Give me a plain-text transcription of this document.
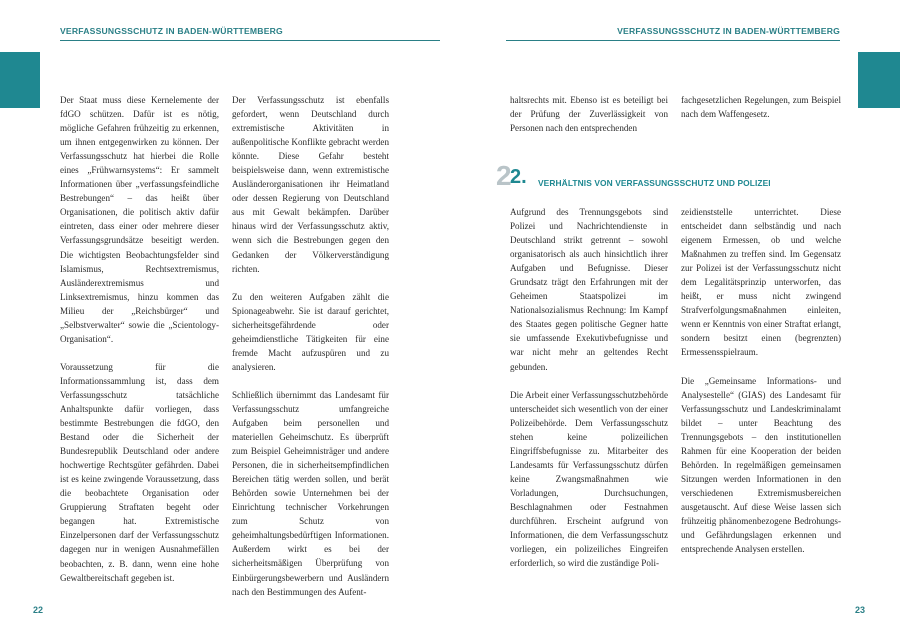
VERFASSUNGSSCHUTZ IN BADEN-WÜRTTEMBERG	VERFASSUNGSSCHUTZ IN BADEN-WÜRTTEMBERG

Der Staat muss diese Kernelemente der fdGO schützen. Dafür ist es nötig, mögliche Gefahren frühzeitig zu erkennen, um ihnen entgegenwirken zu können. Der Verfassungsschutz hat hierbei die Rolle eines „Frühwarnsystems“: Er sammelt Informationen über „verfassungsfeindliche Bestrebungen“ – das heißt über Organisationen, die politisch aktiv dafür eintreten, dass einer oder mehrere dieser Verfassungsgrundsätze beseitigt werden. Die wichtigsten Beobachtungsfelder sind Islamismus, Rechtsextremismus, Ausländerextremismus und Linksextremismus, hinzu kommen das Milieu der „Reichsbürger“ und „Selbstverwalter“ sowie die „Scientology-Organisation“.

Voraussetzung für die Informationssammlung ist, dass dem Verfassungsschutz tatsächliche Anhaltspunkte dafür vorliegen, dass bestimmte Bestrebungen die fdGO, den Bestand oder die Sicherheit der Bundesrepublik Deutschland oder andere hochwertige Rechtsgüter gefährden. Dabei ist es keine zwingende Voraussetzung, dass die beobachtete Organisation oder Gruppierung Straftaten begeht oder begangen hat. Extremistische Einzelpersonen darf der Verfassungsschutz dagegen nur in wenigen Ausnahmefällen beobachten, z. B. dann, wenn eine hohe Gewaltbereitschaft gegeben ist.

Der Verfassungsschutz ist ebenfalls gefordert, wenn Deutschland durch extremistische Aktivitäten in außenpolitische Konflikte gebracht werden könnte. Diese Gefahr besteht beispielsweise dann, wenn extremistische Ausländerorganisationen ihr Heimatland oder dessen Regierung von Deutschland aus mit Gewalt bekämpfen. Darüber hinaus wird der Verfassungsschutz aktiv, wenn sich die Bestrebungen gegen den Gedanken der Völkerverständigung richten.

Zu den weiteren Aufgaben zählt die Spionageabwehr. Sie ist darauf gerichtet, sicherheitsgefährdende oder geheimdienstliche Tätigkeiten für eine fremde Macht aufzuspüren und zu analysieren.

Schließlich übernimmt das Landesamt für Verfassungsschutz umfangreiche Aufgaben beim personellen und materiellen Geheimschutz. Es überprüft zum Beispiel Geheimnisträger und andere Personen, die in sicherheitsempfindlichen Bereichen tätig werden sollen, und berät Behörden sowie Unternehmen bei der Einrichtung technischer Vorkehrungen zum Schutz von geheimhaltungsbedürftigen Informationen. Außerdem wirkt es bei der sicherheitsmäßigen Überprüfung von Einbürgerungsbewerbern und Ausländern nach den Bestimmungen des Aufent-

haltsrechts mit. Ebenso ist es beteiligt bei der Prüfung der Zuverlässigkeit von Personen nach den entsprechenden

fachgesetzlichen Regelungen, zum Beispiel nach dem Waffengesetz.

2
2. VERHÄLTNIS VON VERFASSUNGSSCHUTZ UND POLIZEI

Aufgrund des Trennungsgebots sind Polizei und Nachrichtendienste in Deutschland strikt getrennt – sowohl organisatorisch als auch hinsichtlich ihrer Aufgaben und Befugnisse. Dieser Grundsatz trägt den Erfahrungen mit der Geheimen Staatspolizei im Nationalsozialismus Rechnung: Im Kampf des Staates gegen politische Gegner hatte sie umfassende Exekutivbefugnisse und war nicht mehr an geltendes Recht gebunden.

Die Arbeit einer Verfassungsschutzbehörde unterscheidet sich wesentlich von der einer Polizeibehörde. Dem Verfassungsschutz stehen keine polizeilichen Eingriffsbefugnisse zu. Mitarbeiter des Landesamts für Verfassungsschutz dürfen keine Zwangsmaßnahmen wie Vorladungen, Durchsuchungen, Beschlagnahmen oder Festnahmen durchführen. Erscheint aufgrund von Informationen, die dem Verfassungsschutz vorliegen, ein polizeiliches Eingreifen erforderlich, so wird die zuständige Poli-

zeidienststelle unterrichtet. Diese entscheidet dann selbständig und nach eigenem Ermessen, ob und welche Maßnahmen zu treffen sind. Im Gegensatz zur Polizei ist der Verfassungsschutz nicht dem Legalitätsprinzip unterworfen, das heißt, er muss nicht zwingend Strafverfolgungsmaßnahmen einleiten, wenn er Kenntnis von einer Straftat erlangt, sondern besitzt einen (begrenzten) Ermessensspielraum.

Die „Gemeinsame Informations- und Analysestelle“ (GIAS) des Landesamt für Verfassungsschutz und Landeskriminalamt bildet – unter Beachtung des Trennungsgebots – den institutionellen Rahmen für eine Kooperation der beiden Behörden. In regelmäßigen gemeinsamen Sitzungen werden Informationen in den verschiedenen Extremismusbereichen ausgetauscht. Auf diese Weise lassen sich frühzeitig phänomenbezogene Bedrohungs- und Gefährdungslagen erkennen und entsprechende Analysen erstellen.

22	23
